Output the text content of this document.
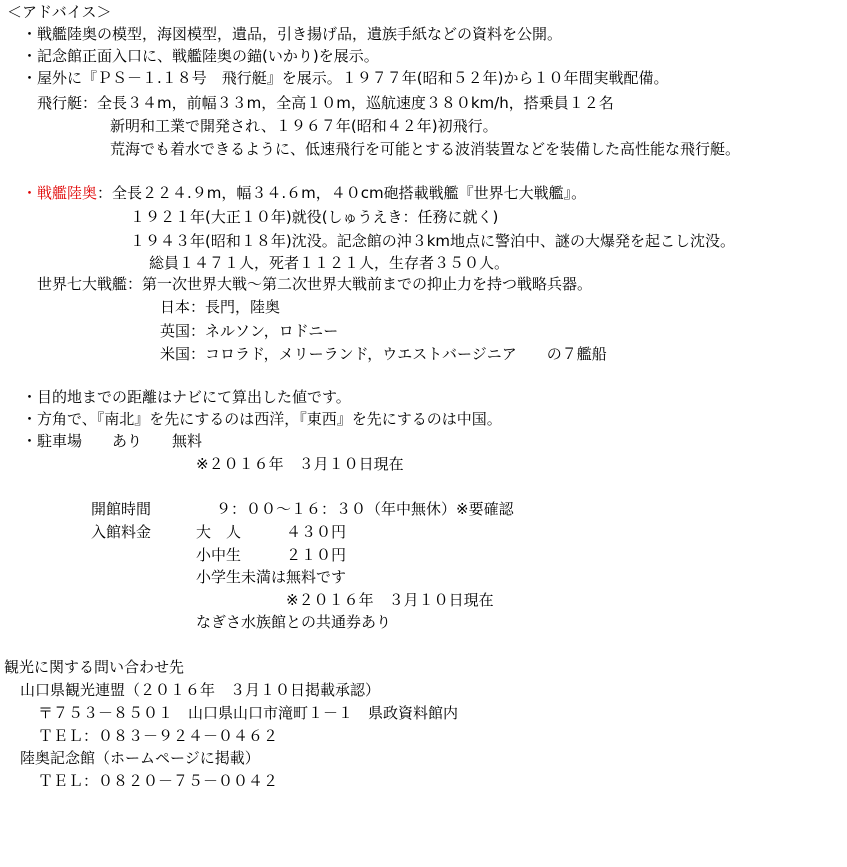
＜アドバイス＞
・戦艦陸奥の模型，海図模型，遺品，引き揚げ品，遺族手紙などの資料を公開。
・記念館正面入口に、戦艦陸奥の錨(いかり)を展示。
・屋外に『ＰＳ－１.１８号　飛行艇』を展示。１９７７年(昭和５２年)から１０年間実戦配備。
飛行艇：全長３４m，前幅３３m，全高１０m，巡航速度３８０km/h，搭乗員１２名
新明和工業で開発され、１９６７年(昭和４２年)初飛行。
荒海でも着水できるように、低速飛行を可能とする波消装置などを装備した高性能な飛行艇。
・戦艦陸奥：全長２２４.９m，幅３４.６m，４０cm砲搭載戦艦『世界七大戦艦』。
１９２１年(大正１０年)就役(しゅうえき：任務に就く)
１９４３年(昭和１８年)沈没。記念館の沖３km地点に警泊中、謎の大爆発を起こし沈没。
総員１４７１人，死者１１２１人，生存者３５０人。
世界七大戦艦：第一次世界大戦～第二次世界大戦前までの抑止力を持つ戦略兵器。
日本：長門，陸奥
英国：ネルソン，ロドニー
米国：コロラド，メリーランド，ウエストバージニア　　の７艦船
・目的地までの距離はナビにて算出した値です。
・方角で、『南北』を先にするのは西洋，『東西』を先にするのは中国。
・駐車場　　あり　　無料
※２０１６年　３月１０日現在
開館時間	９：００～１６：３０（年中無休）※要確認
入館料金	大　人　　　４３０円
小中生　　　２１０円
小学生未満は無料です
※２０１６年　３月１０日現在
なぎさ水族館との共通券あり
観光に関する問い合わせ先
山口県観光連盟（２０１６年　３月１０日掲載承認）
〒７５３－８５０１　山口県山口市滝町１－１　県政資料館内
ＴＥＬ：０８３－９２４－０４６２
陸奥記念館（ホームページに掲載）
ＴＥＬ：０８２０－７５－００４２
